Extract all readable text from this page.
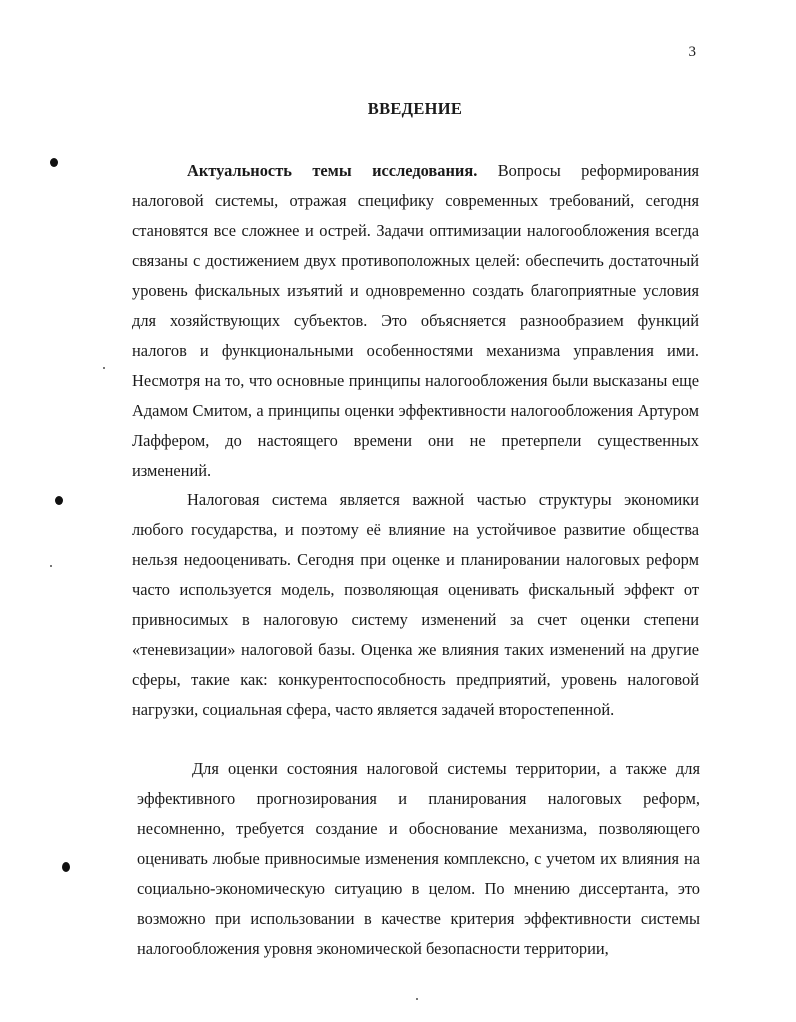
3
ВВЕДЕНИЕ

Актуальность темы исследования. Вопросы реформирования налоговой системы, отражая специфику современных требований, сегодня становятся все сложнее и острей. Задачи оптимизации налогообложения всегда связаны с достижением двух противоположных целей: обеспечить достаточный уровень фискальных изъятий и одновременно создать благоприятные условия для хозяйствующих субъектов. Это объясняется разнообразием функций налогов и функциональными особенностями механизма управления ими. Несмотря на то, что основные принципы налогообложения были высказаны еще Адамом Смитом, а принципы оценки эффективности налогообложения Артуром Лаффером, до настоящего времени они не претерпели существенных изменений.

Налоговая система является важной частью структуры экономики любого государства, и поэтому её влияние на устойчивое развитие общества нельзя недооценивать. Сегодня при оценке и планировании налоговых реформ часто используется модель, позволяющая оценивать фискальный эффект от привносимых в налоговую систему изменений за счет оценки степени «теневизации» налоговой базы. Оценка же влияния таких изменений на другие сферы, такие как: конкурентоспособность предприятий, уровень налоговой нагрузки, социальная сфера, часто является задачей второстепенной.

Для оценки состояния налоговой системы территории, а также для эффективного прогнозирования и планирования налоговых реформ, несомненно, требуется создание и обоснование механизма, позволяющего оценивать любые привносимые изменения комплексно, с учетом их влияния на социально-экономическую ситуацию в целом. По мнению диссертанта, это возможно при использовании в качестве критерия эффективности системы налогообложения уровня экономической безопасности территории,
